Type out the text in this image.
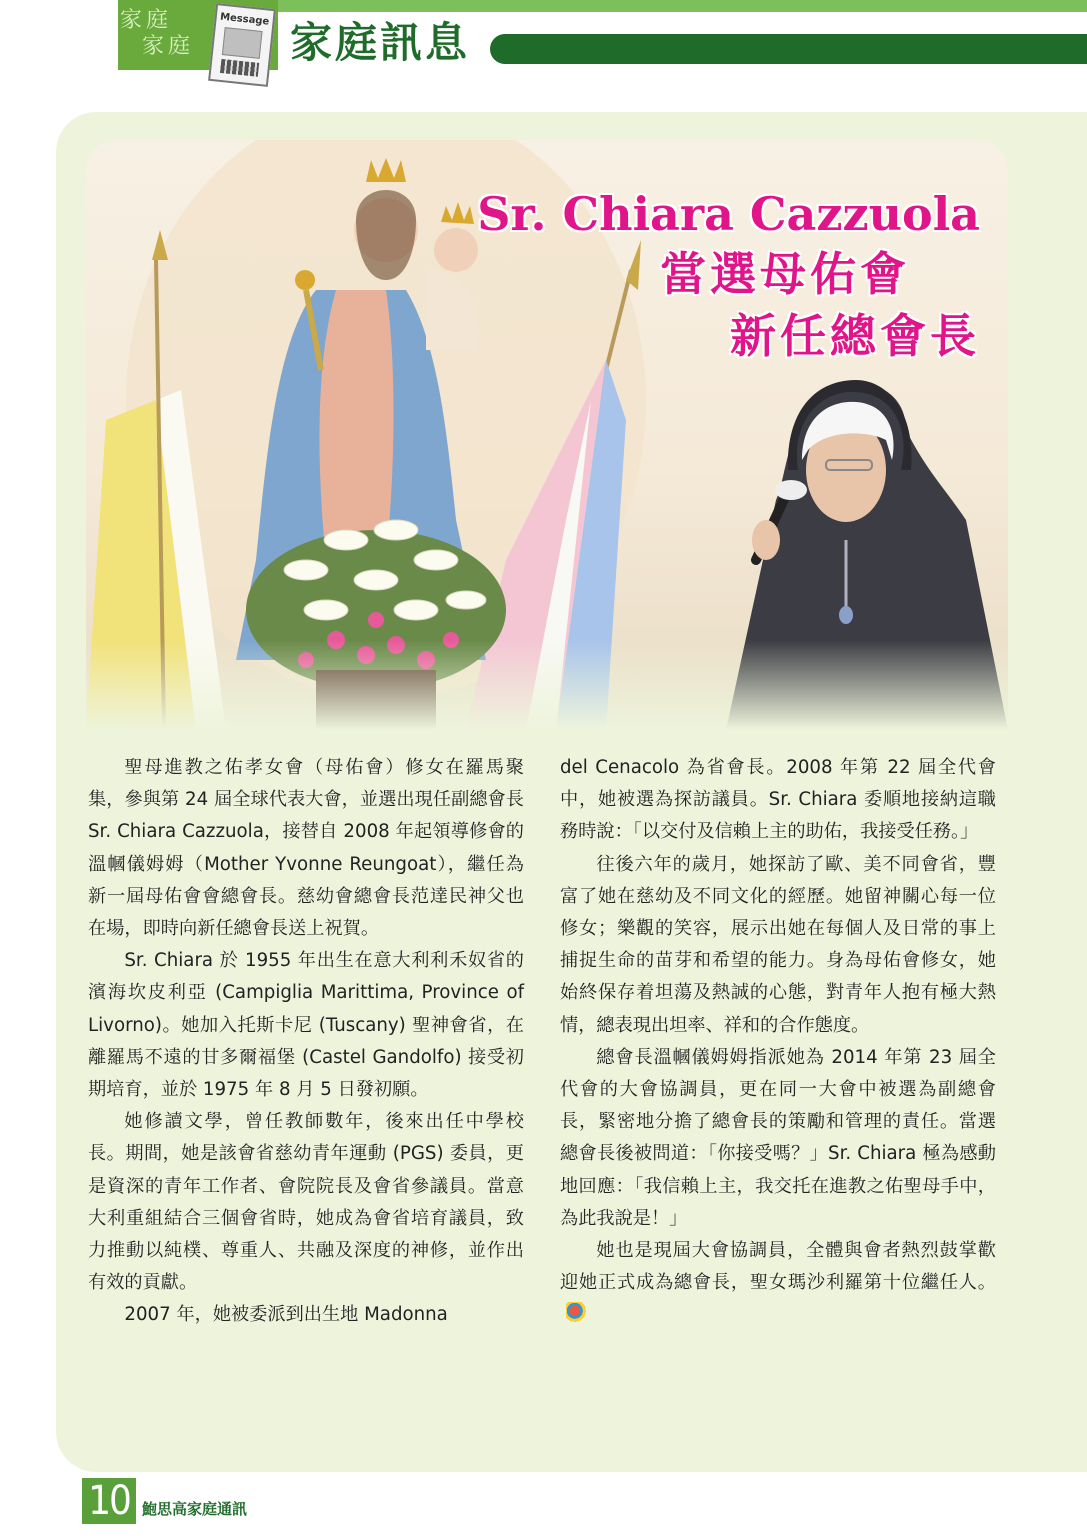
家庭
家庭
Message 家庭訊息
Sr. Chiara Cazzuola
當選母佑會
新任總會長

聖母進教之佑孝女會（母佑會）修女在羅馬聚集，參與第 24 屆全球代表大會，並選出現任副總會長 Sr. Chiara Cazzuola，接替自 2008 年起領導修會的溫幗儀姆姆（Mother Yvonne Reungoat），繼任為新一屆母佑會會總會長。慈幼會總會長范達民神父也在場，即時向新任總會長送上祝賀。

Sr. Chiara 於 1955 年出生在意大利利禾奴省的濱海坎皮利亞 (Campiglia Marittima, Province of Livorno)。她加入托斯卡尼 (Tuscany) 聖神會省，在離羅馬不遠的甘多爾福堡 (Castel Gandolfo) 接受初期培育，並於 1975 年 8 月 5 日發初願。

她修讀文學，曾任教師數年，後來出任中學校長。期間，她是該會省慈幼青年運動 (PGS) 委員，更是資深的青年工作者、會院院長及會省參議員。當意大利重組結合三個會省時，她成為會省培育議員，致力推動以純樸、尊重人、共融及深度的神修，並作出有效的貢獻。

2007 年，她被委派到出生地 Madonna

del Cenacolo 為省會長。2008 年第 22 屆全代會中，她被選為探訪議員。Sr. Chiara 委順地接納這職務時說：「以交付及信賴上主的助佑，我接受任務。」

往後六年的歲月，她探訪了歐、美不同會省，豐富了她在慈幼及不同文化的經歷。她留神關心每一位修女；樂觀的笑容，展示出她在每個人及日常的事上捕捉生命的苗芽和希望的能力。身為母佑會修女，她始終保存着坦蕩及熱誠的心態，對青年人抱有極大熱情，總表現出坦率、祥和的合作態度。

總會長溫幗儀姆姆指派她為 2014 年第 23 屆全代會的大會協調員，更在同一大會中被選為副總會長，緊密地分擔了總會長的策勵和管理的責任。當選總會長後被問道：「你接受嗎？」Sr. Chiara 極為感動地回應：「我信賴上主，我交托在進教之佑聖母手中，為此我說是！」

她也是現屆大會協調員，全體與會者熱烈鼓掌歡迎她正式成為總會長，聖女瑪沙利羅第十位繼任人。

10 鮑思高家庭通訊
